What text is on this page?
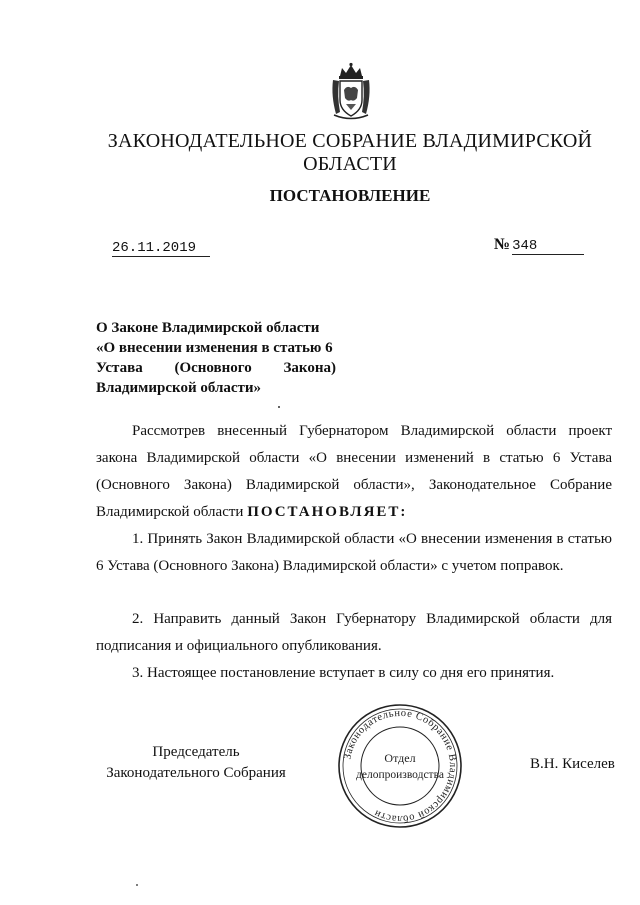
ЗАКОНОДАТЕЛЬНОЕ СОБРАНИЕ ВЛАДИМИРСКОЙ ОБЛАСТИ
ПОСТАНОВЛЕНИЕ
26.11.2019	№ 348
О Законе Владимирской области
«О внесении изменения в статью 6
Устава (Основного Закона)
Владимирской области»
Рассмотрев внесенный Губернатором Владимирской области проект закона Владимирской области «О внесении изменений в статью 6 Устава (Основного Закона) Владимирской области», Законодательное Собрание Владимирской области ПОСТАНОВЛЯЕТ:
1. Принять Закон Владимирской области «О внесении изменения в статью 6 Устава (Основного Закона) Владимирской области» с учетом поправок.
2. Направить данный Закон Губернатору Владимирской области для подписания и официального опубликования.
3. Настоящее постановление вступает в силу со дня его принятия.
Председатель
Законодательного Собрания
Законодательное Собрание Владимирской области
Отдел
делопроизводства
В.Н. Киселев
